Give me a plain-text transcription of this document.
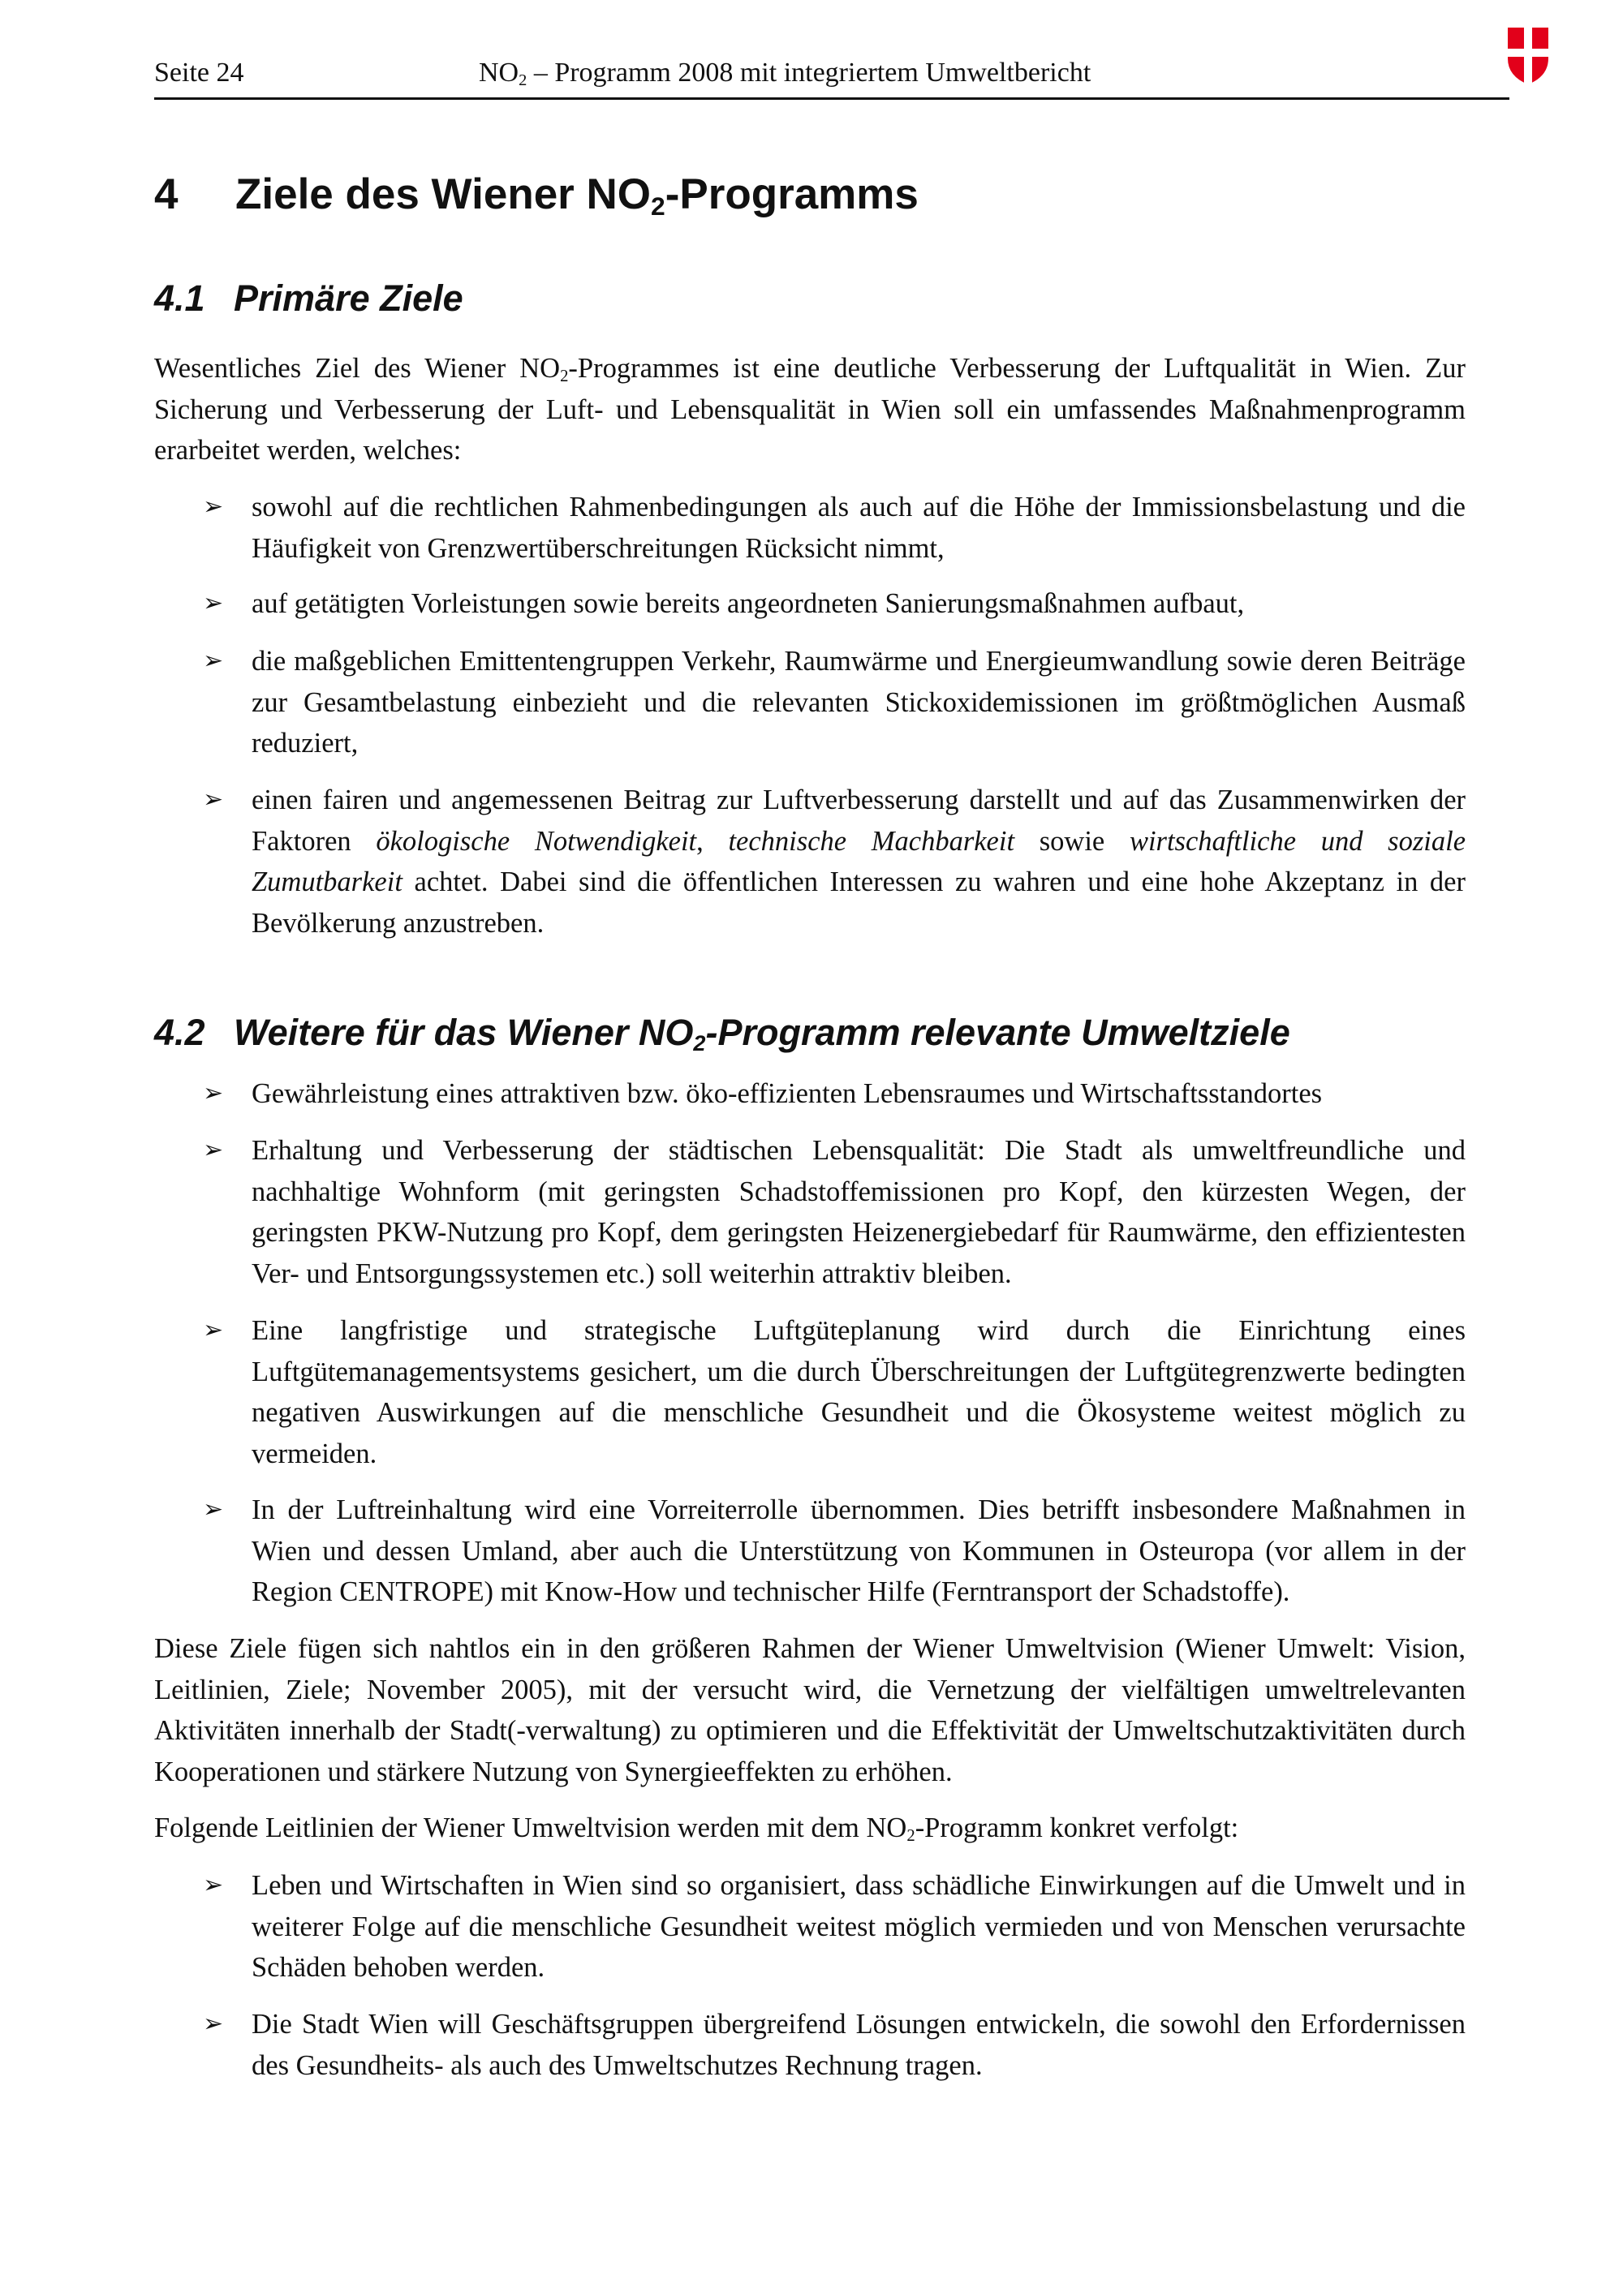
Seite 24	$NO_2$ – Programm 2008 mit integriertem Umweltbericht
4 Ziele des Wiener $NO_2$-Programms
4.1 Primäre Ziele
Wesentliches Ziel des Wiener $NO_2$-Programmes ist eine deutliche Verbesserung der Luftqualität in Wien. Zur Sicherung und Verbesserung der Luft- und Lebensqualität in Wien soll ein umfassendes Maßnahmenprogramm erarbeitet werden, welches:
➢ sowohl auf die rechtlichen Rahmenbedingungen als auch auf die Höhe der Immissionsbelastung und die Häufigkeit von Grenzwertüberschreitungen Rücksicht nimmt,
➢ auf getätigten Vorleistungen sowie bereits angeordneten Sanierungsmaßnahmen aufbaut,
➢ die maßgeblichen Emittentengruppen Verkehr, Raumwärme und Energieumwandlung sowie deren Beiträge zur Gesamtbelastung einbezieht und die relevanten Stickoxidemissionen im größtmöglichen Ausmaß reduziert,
➢ einen fairen und angemessenen Beitrag zur Luftverbesserung darstellt und auf das Zusammenwirken der Faktoren ökologische Notwendigkeit, technische Machbarkeit sowie wirtschaftliche und soziale Zumutbarkeit achtet. Dabei sind die öffentlichen Interessen zu wahren und eine hohe Akzeptanz in der Bevölkerung anzustreben.
4.2 Weitere für das Wiener $NO_2$-Programm relevante Umweltziele
➢ Gewährleistung eines attraktiven bzw. öko-effizienten Lebensraumes und Wirtschaftsstandortes
➢ Erhaltung und Verbesserung der städtischen Lebensqualität: Die Stadt als umweltfreundliche und nachhaltige Wohnform (mit geringsten Schadstoffemissionen pro Kopf, den kürzesten Wegen, der geringsten PKW-Nutzung pro Kopf, dem geringsten Heizenergiebedarf für Raumwärme, den effizientesten Ver- und Entsorgungssystemen etc.) soll weiterhin attraktiv bleiben.
➢ Eine langfristige und strategische Luftgüteplanung wird durch die Einrichtung eines Luftgütemanagementsystems gesichert, um die durch Überschreitungen der Luftgütegrenzwerte bedingten negativen Auswirkungen auf die menschliche Gesundheit und die Ökosysteme weitest möglich zu vermeiden.
➢ In der Luftreinhaltung wird eine Vorreiterrolle übernommen. Dies betrifft insbesondere Maßnahmen in Wien und dessen Umland, aber auch die Unterstützung von Kommunen in Osteuropa (vor allem in der Region CENTROPE) mit Know-How und technischer Hilfe (Ferntransport der Schadstoffe).
Diese Ziele fügen sich nahtlos ein in den größeren Rahmen der Wiener Umweltvision (Wiener Umwelt: Vision, Leitlinien, Ziele; November 2005), mit der versucht wird, die Vernetzung der vielfältigen umweltrelevanten Aktivitäten innerhalb der Stadt(-verwaltung) zu optimieren und die Effektivität der Umweltschutzaktivitäten durch Kooperationen und stärkere Nutzung von Synergieeffekten zu erhöhen.
Folgende Leitlinien der Wiener Umweltvision werden mit dem $NO_2$-Programm konkret verfolgt:
➢ Leben und Wirtschaften in Wien sind so organisiert, dass schädliche Einwirkungen auf die Umwelt und in weiterer Folge auf die menschliche Gesundheit weitest möglich vermieden und von Menschen verursachte Schäden behoben werden.
➢ Die Stadt Wien will Geschäftsgruppen übergreifend Lösungen entwickeln, die sowohl den Erfordernissen des Gesundheits- als auch des Umweltschutzes Rechnung tragen.
